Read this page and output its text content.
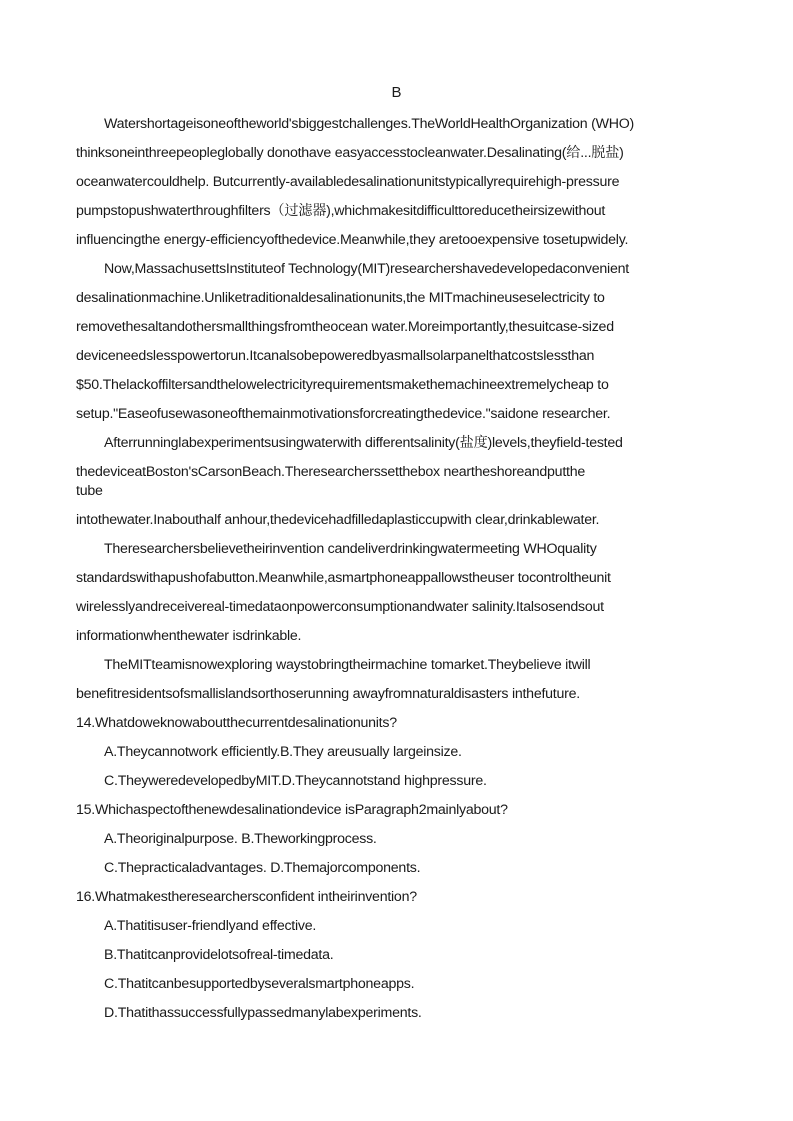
B
Watershortageisoneoftheworld'sbiggestchallenges.TheWorldHealthOrganization (WHO)
thinksoneinthreepeopleglobally donothave easyaccesstocleanwater.Desalinating(给...脱盐)
oceanwatercouldhelp. Butcurrently-availabledesalinationunitstypicallyrequirehigh-pressure
pumpstopushwaterthroughfilters（过滤器),whichmakesitdifficulttoreducetheirsizewithout
influencingthe energy-efficiencyofthedevice.Meanwhile,they aretooexpensive tosetupwidely.
Now,MassachusettsInstituteof Technology(MIT)researchershavedevelopedaconvenient
desalinationmachine.Unliketraditionaldesalinationunits,the MITmachineuseselectricity to
removethesaltandothersmallthingsfromtheocean water.Moreimportantly,thesuitcase-sized
deviceneedslesspowertorun.Itcanalsobepoweredbyasmallsolarpanelthatcostslessthan
$50.Thelackoffiltersandthelowelectricityrequirementsmakethemachineextremelycheap to
setup."Easeofusewasoneofthemainmotivationsforcreatingthedevice."saidone researcher.
Afterrunninglabexperimentsusingwaterwith differentsalinity(盐度)levels,theyfield-tested
thedeviceatBoston'sCarsonBeach.Theresearcherssetthebox neartheshoreandputthe
tube
intothewater.Inabouthalf anhour,thedevicehadfilledaplasticcupwith clear,drinkablewater.
Theresearchersbelievetheirinvention candeliverdrinkingwatermeeting WHOquality
standardswithapushofabutton.Meanwhile,asmartphoneappallowstheuser tocontroltheunit
wirelesslyandreceivereal-timedataonpowerconsumptionandwater salinity.Italsosendsout
informationwhenthewater isdrinkable.
TheMITteamisnowexploring waystobringtheirmachine tomarket.Theybelieve itwill
benefitresidentsofsmallislandsorthoserunning awayfromnaturaldisasters inthefuture.
14.Whatdoweknowaboutthecurrentdesalinationunits?
A.Theycannotwork efficiently.B.They areusually largeinsize.
C.TheyweredevelopedbyMIT.D.Theycannotstand highpressure.
15.Whichaspectofthenewdesalinationdevice isParagraph2mainlyabout?
A.Theoriginalpurpose. B.Theworkingprocess.
C.Thepracticaladvantages. D.Themajorcomponents.
16.Whatmakestheresearchersconfident intheirinvention?
A.Thatitisuser-friendlyand effective.
B.Thatitcanprovidelotsofreal-timedata.
C.Thatitcanbesupportedbyseveralsmartphoneapps.
D.Thatithassuccessfullypassedmanylabexperiments.
